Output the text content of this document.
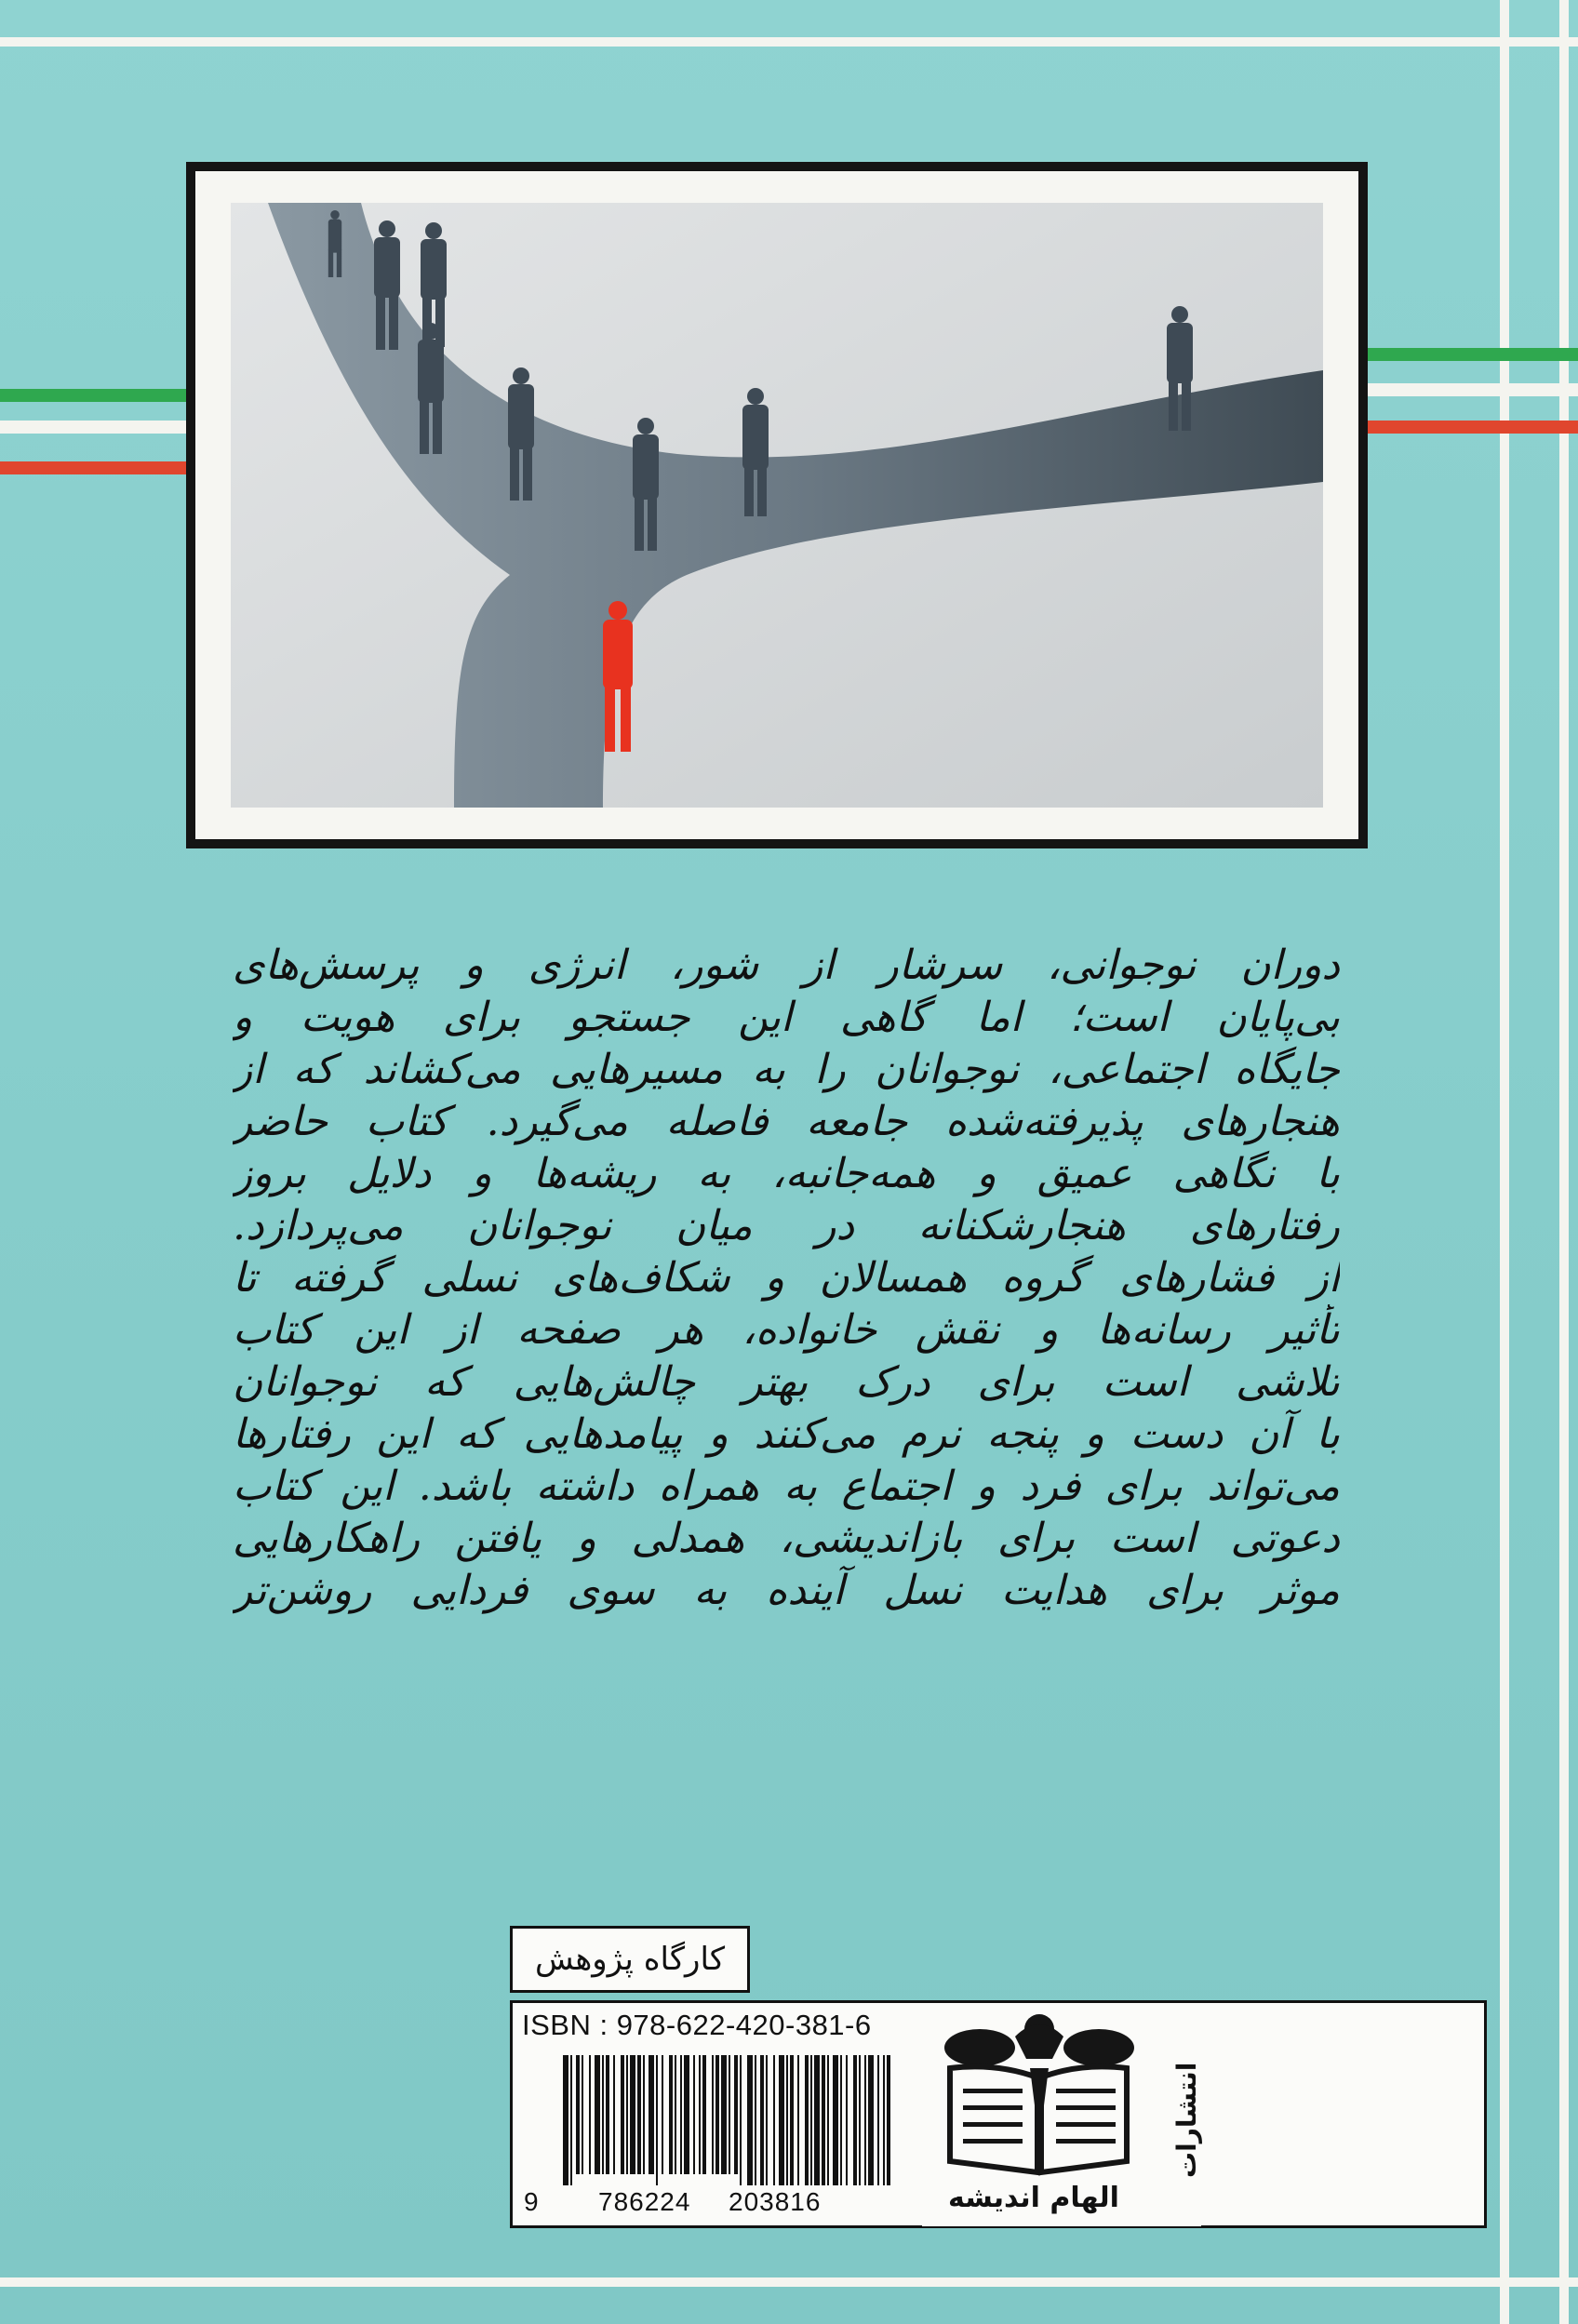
دوران نوجوانی، سرشار از شور، انرژی و پرسش‌های
بی‌پایان است؛ اما گاهی این جستجو برای هویت و
جایگاه اجتماعی، نوجوانان را به مسیرهایی می‌کشاند که از
هنجارهای پذیرفته‌شده جامعه فاصله می‌گیرد. کتاب حاضر
با نگاهی عمیق و همه‌جانبه، به ریشه‌ها و دلایل بروز
رفتارهای هنجارشکنانه در میان نوجوانان می‌پردازد.
از فشارهای گروه همسالان و شکاف‌های نسلی گرفته تا
تأثیر رسانه‌ها و نقش خانواده، هر صفحه از این کتاب
تلاشی است برای درک بهتر چالش‌هایی که نوجوانان
با آن دست و پنجه نرم می‌کنند و پیامدهایی که این رفتارها
می‌تواند برای فرد و اجتماع به همراه داشته باشد. این کتاب
دعوتی است برای بازاندیشی، همدلی و یافتن راهکارهایی
موثر برای هدایت نسل آینده به سوی فردایی روشن‌تر
کارگاه پژوهش
ISBN : 978-622-420-381-6
9 786224 203816	الهام اندیشه
انتشارات
